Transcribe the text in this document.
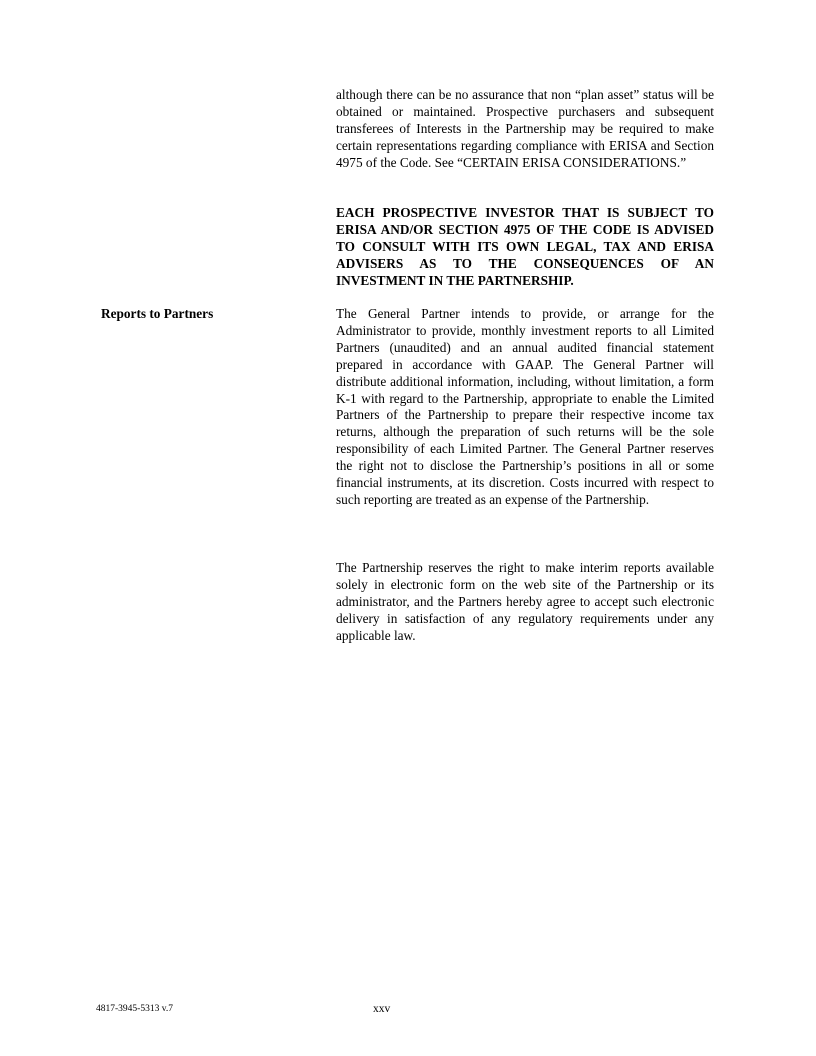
although there can be no assurance that non “plan asset” status will be obtained or maintained. Prospective purchasers and subsequent transferees of Interests in the Partnership may be required to make certain representations regarding compliance with ERISA and Section 4975 of the Code. See “CERTAIN ERISA CONSIDERATIONS.”

EACH PROSPECTIVE INVESTOR THAT IS SUBJECT TO ERISA AND/OR SECTION 4975 OF THE CODE IS ADVISED TO CONSULT WITH ITS OWN LEGAL, TAX AND ERISA ADVISERS AS TO THE CONSEQUENCES OF AN INVESTMENT IN THE PARTNERSHIP.

Reports to Partners	The General Partner intends to provide, or arrange for the Administrator to provide, monthly investment reports to all Limited Partners (unaudited) and an annual audited financial statement prepared in accordance with GAAP. The General Partner will distribute additional information, including, without limitation, a form K-1 with regard to the Partnership, appropriate to enable the Limited Partners of the Partnership to prepare their respective income tax returns, although the preparation of such returns will be the sole responsibility of each Limited Partner. The General Partner reserves the right not to disclose the Partnership’s positions in all or some financial instruments, at its discretion. Costs incurred with respect to such reporting are treated as an expense of the Partnership.

The Partnership reserves the right to make interim reports available solely in electronic form on the web site of the Partnership or its administrator, and the Partners hereby agree to accept such electronic delivery in satisfaction of any regulatory requirements under any applicable law.

4817-3945-5313 v.7	xxv
